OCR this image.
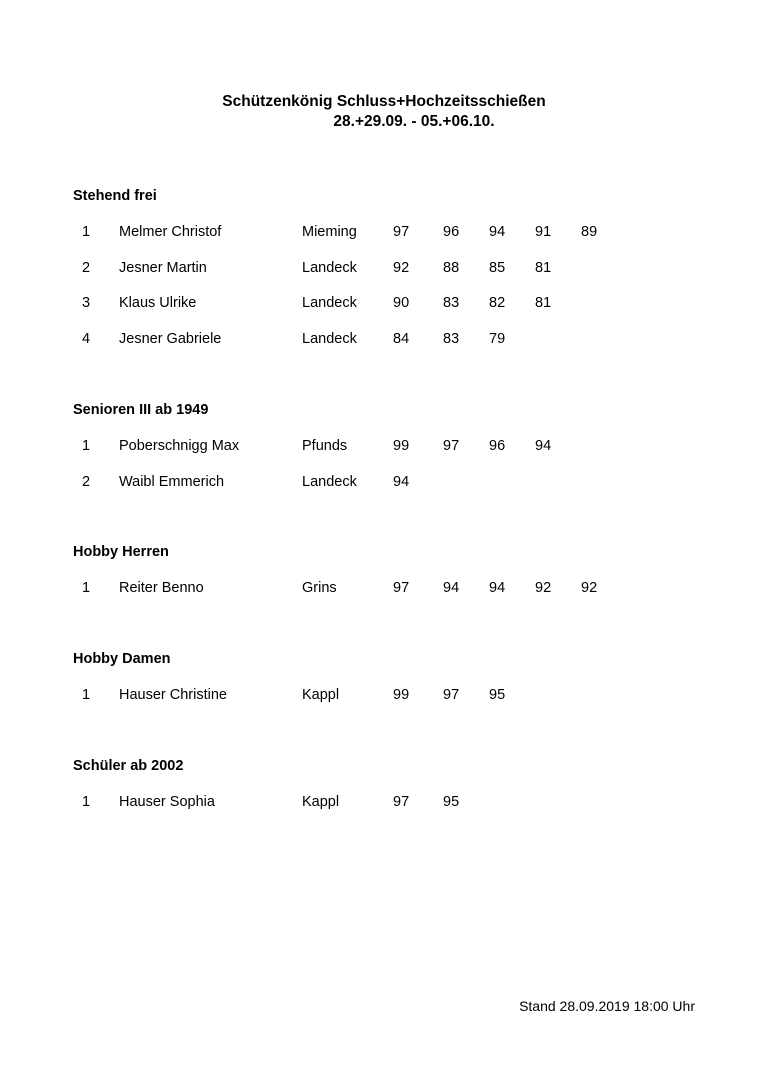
Schützenkönig Schluss+Hochzeitsschießen
28.+29.09. - 05.+06.10.
Stehend frei
1 Melmer Christof	Mieming 97 96 94 91 89
2 Jesner Martin	Landeck 92 88 85 81
3 Klaus Ulrike	Landeck 90 83 82 81
4 Jesner Gabriele	Landeck 84 83 79
Senioren III ab 1949
1 Poberschnigg Max	Pfunds	99 97 96 94
2 Waibl Emmerich	Landeck 94
Hobby Herren
1 Reiter Benno	Grins	97 94 94 92 92
Hobby Damen
1 Hauser Christine	Kappl	99 97 95
Schüler ab 2002
1 Hauser Sophia	Kappl	97 95
Stand 28.09.2019 18:00 Uhr
